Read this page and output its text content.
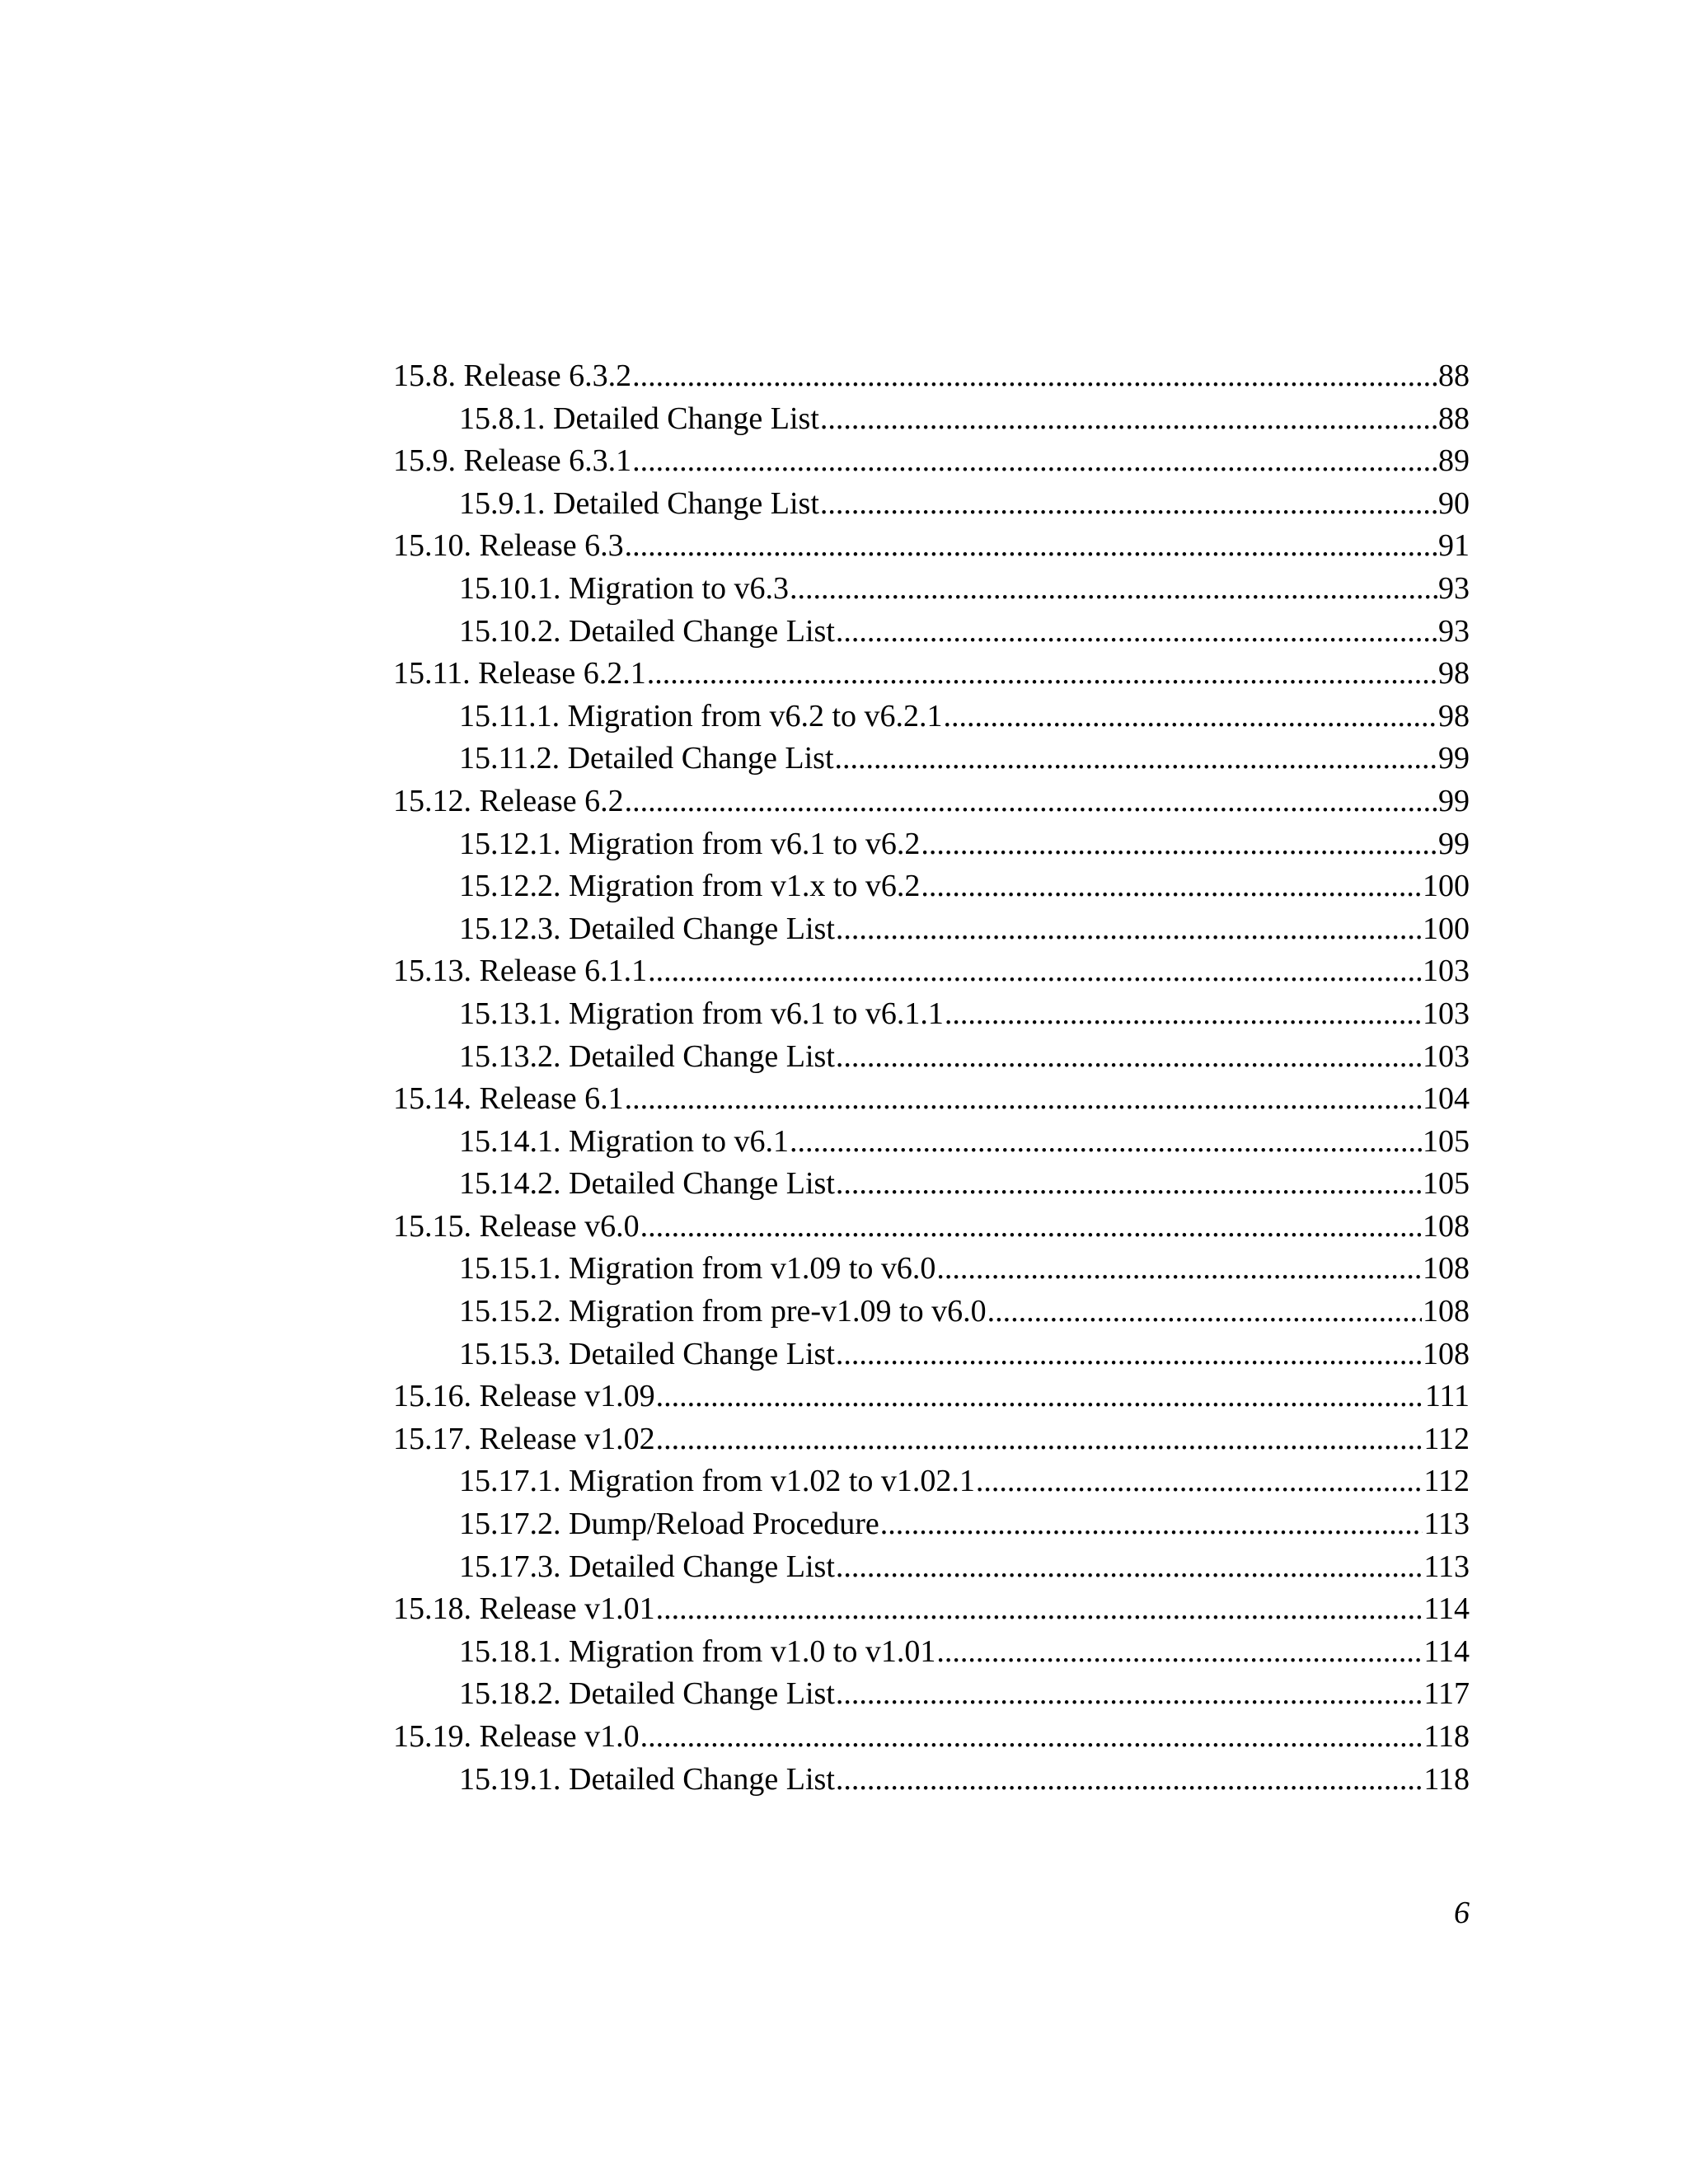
15.8. Release 6.3.2 .....	88
15.8.1. Detailed Change List .....	88
15.9. Release 6.3.1 .....	89
15.9.1. Detailed Change List .....	90
15.10. Release 6.3 .....	91
15.10.1. Migration to v6.3 .....	93
15.10.2. Detailed Change List .....	93
15.11. Release 6.2.1 .....	98
15.11.1. Migration from v6.2 to v6.2.1 .....	98
15.11.2. Detailed Change List .....	99
15.12. Release 6.2 .....	99
15.12.1. Migration from v6.1 to v6.2 .....	99
15.12.2. Migration from v1.x to v6.2 .....	100
15.12.3. Detailed Change List .....	100
15.13. Release 6.1.1 .....	103
15.13.1. Migration from v6.1 to v6.1.1 .....	103
15.13.2. Detailed Change List .....	103
15.14. Release 6.1 .....	104
15.14.1. Migration to v6.1 .....	105
15.14.2. Detailed Change List .....	105
15.15. Release v6.0 .....	108
15.15.1. Migration from v1.09 to v6.0 .....	108
15.15.2. Migration from pre-v1.09 to v6.0 .....	108
15.15.3. Detailed Change List .....	108
15.16. Release v1.09 .....	111
15.17. Release v1.02 .....	112
15.17.1. Migration from v1.02 to v1.02.1 .....	112
15.17.2. Dump/Reload Procedure .....	113
15.17.3. Detailed Change List .....	113
15.18. Release v1.01 .....	114
15.18.1. Migration from v1.0 to v1.01 .....	114
15.18.2. Detailed Change List .....	117
15.19. Release v1.0 .....	118
15.19.1. Detailed Change List .....	118
6
